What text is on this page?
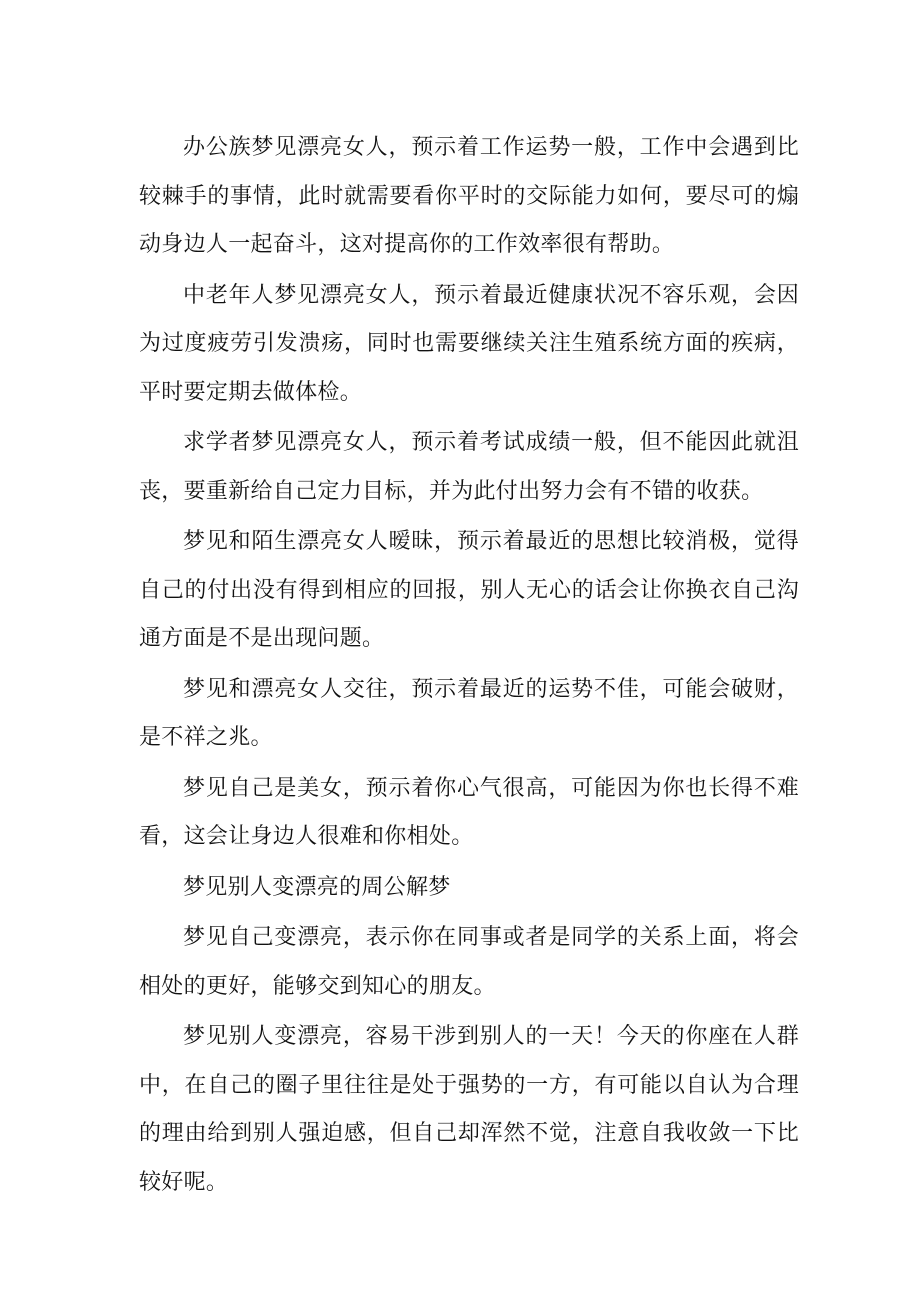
办公族梦见漂亮女人，预示着工作运势一般，工作中会遇到比较棘手的事情，此时就需要看你平时的交际能力如何，要尽可的煽动身边人一起奋斗，这对提高你的工作效率很有帮助。

中老年人梦见漂亮女人，预示着最近健康状况不容乐观，会因为过度疲劳引发溃疡，同时也需要继续关注生殖系统方面的疾病，平时要定期去做体检。

求学者梦见漂亮女人，预示着考试成绩一般，但不能因此就沮丧，要重新给自己定力目标，并为此付出努力会有不错的收获。

梦见和陌生漂亮女人暧昧，预示着最近的思想比较消极，觉得自己的付出没有得到相应的回报，别人无心的话会让你换衣自己沟通方面是不是出现问题。

梦见和漂亮女人交往，预示着最近的运势不佳，可能会破财，是不祥之兆。

梦见自己是美女，预示着你心气很高，可能因为你也长得不难看，这会让身边人很难和你相处。

梦见别人变漂亮的周公解梦

梦见自己变漂亮，表示你在同事或者是同学的关系上面，将会相处的更好，能够交到知心的朋友。

梦见别人变漂亮，容易干涉到别人的一天！今天的你座在人群中，在自己的圈子里往往是处于强势的一方，有可能以自认为合理的理由给到别人强迫感，但自己却浑然不觉，注意自我收敛一下比较好呢。
